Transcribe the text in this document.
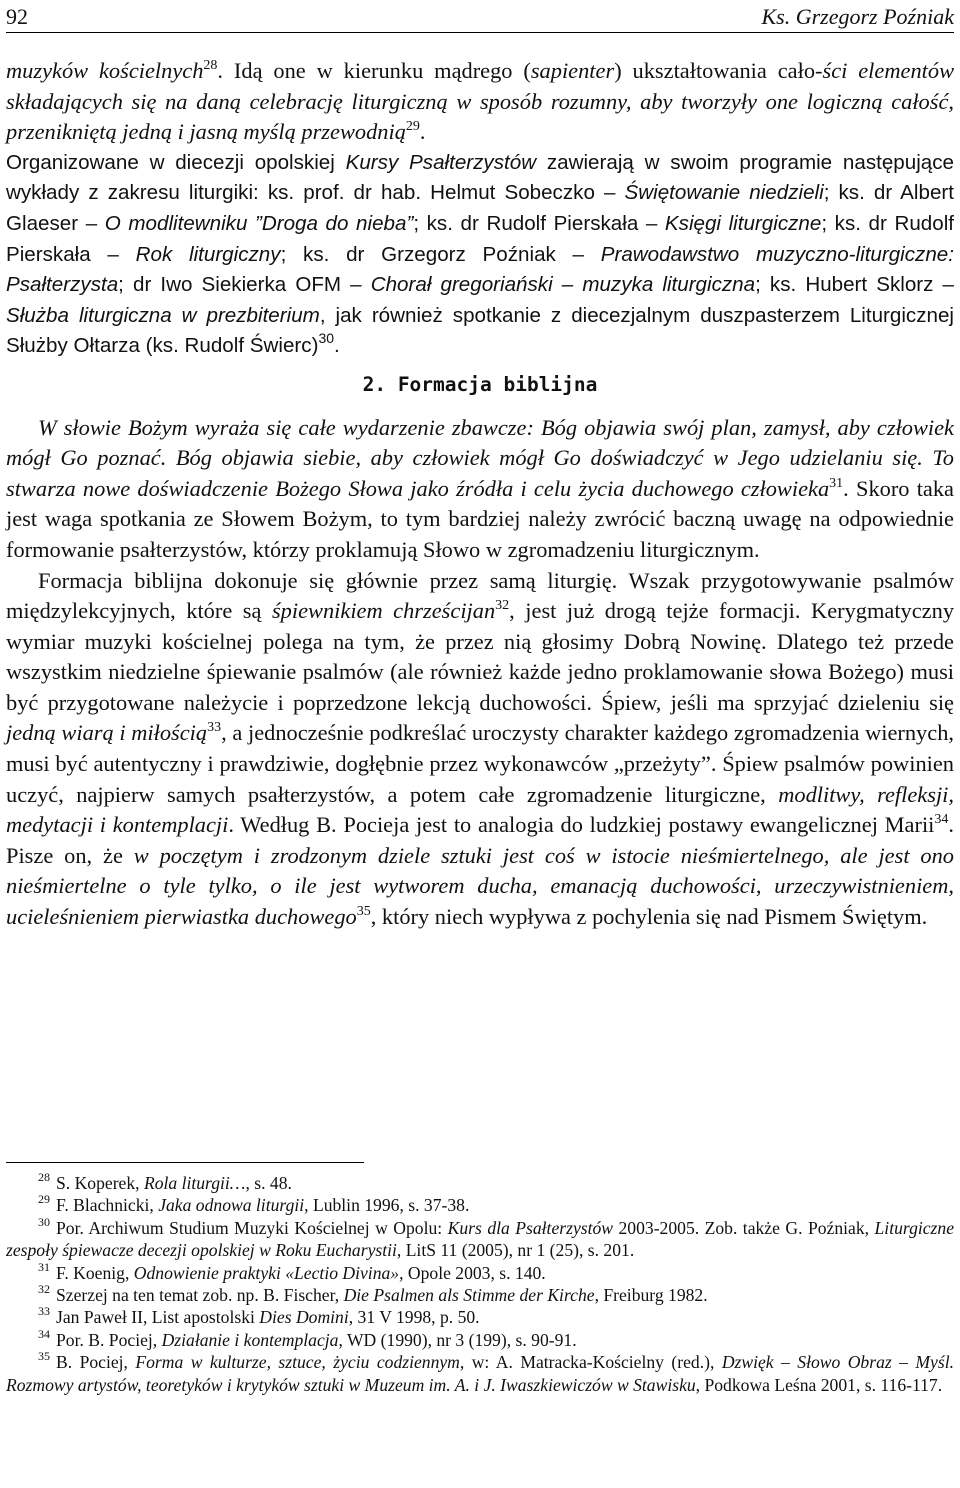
92	Ks. Grzegorz Poźniak

muzyków kościelnych$^{28}$. Idą one w kierunku mądrego (sapienter) ukształtowania cało-ści elementów składających się na daną celebrację liturgiczną w sposób rozumny, aby tworzyły one logiczną całość, przenikniętą jedną i jasną myślą przewodnią$^{29}$.

Organizowane w diecezji opolskiej Kursy Psałterzystów zawierają w swoim programie następujące wykłady z zakresu liturgiki: ks. prof. dr hab. Helmut Sobeczko – Świętowanie niedzieli; ks. dr Albert Glaeser – O modlitewniku ”Droga do nieba”; ks. dr Rudolf Pierskała – Księgi liturgiczne; ks. dr Rudolf Pierskała – Rok liturgiczny; ks. dr Grzegorz Poźniak – Prawodawstwo muzyczno-liturgiczne: Psałterzysta; dr Iwo Siekierka OFM – Chorał gregoriański – muzyka liturgiczna; ks. Hubert Sklorz – Służba liturgiczna w prezbiterium, jak również spotkanie z diecezjalnym duszpasterzem Liturgicznej Służby Ołtarza (ks. Rudolf Świerc)$^{30}$.

2. Formacja biblijna

W słowie Bożym wyraża się całe wydarzenie zbawcze: Bóg objawia swój plan, zamysł, aby człowiek mógł Go poznać. Bóg objawia siebie, aby człowiek mógł Go doświadczyć w Jego udzielaniu się. To stwarza nowe doświadczenie Bożego Słowa jako źródła i celu życia duchowego człowieka$^{31}$. Skoro taka jest waga spotkania ze Słowem Bożym, to tym bardziej należy zwrócić baczną uwagę na odpowiednie formowanie psałterzystów, którzy proklamują Słowo w zgromadzeniu liturgicznym.

Formacja biblijna dokonuje się głównie przez samą liturgię. Wszak przygotowywanie psalmów międzylekcyjnych, które są śpiewnikiem chrześcijan$^{32}$, jest już drogą tejże formacji. Kerygmatyczny wymiar muzyki kościelnej polega na tym, że przez nią głosimy Dobrą Nowinę. Dlatego też przede wszystkim niedzielne śpiewanie psalmów (ale również każde jedno proklamowanie słowa Bożego) musi być przygotowane należycie i poprzedzone lekcją duchowości. Śpiew, jeśli ma sprzyjać dzieleniu się jedną wiarą i miłością$^{33}$, a jednocześnie podkreślać uroczysty charakter każdego zgromadzenia wiernych, musi być autentyczny i prawdziwie, dogłębnie przez wykonawców „przeżyty”. Śpiew psalmów powinien uczyć, najpierw samych psałterzystów, a potem całe zgromadzenie liturgiczne, modlitwy, refleksji, medytacji i kontemplacji. Według B. Pocieja jest to analogia do ludzkiej postawy ewangelicznej Marii$^{34}$. Pisze on, że w poczętym i zrodzonym dziele sztuki jest coś w istocie nieśmiertelnego, ale jest ono nieśmiertelne o tyle tylko, o ile jest wytworem ducha, emanacją duchowości, urzeczywistnieniem, ucieleśnieniem pierwiastka duchowego$^{35}$, który niech wypływa z pochylenia się nad Pismem Świętym.

$^{28}$ S. Koperek, Rola liturgii…, s. 48.

$^{29}$ F. Blachnicki, Jaka odnowa liturgii, Lublin 1996, s. 37-38.

$^{30}$ Por. Archiwum Studium Muzyki Kościelnej w Opolu: Kurs dla Psałterzystów 2003-2005. Zob. także G. Poźniak, Liturgiczne zespoły śpiewacze decezji opolskiej w Roku Eucharystii, LitS 11 (2005), nr 1 (25), s. 201.

$^{31}$ F. Koenig, Odnowienie praktyki «Lectio Divina», Opole 2003, s. 140.

$^{32}$ Szerzej na ten temat zob. np. B. Fischer, Die Psalmen als Stimme der Kirche, Freiburg 1982.

$^{33}$ Jan Paweł II, List apostolski Dies Domini, 31 V 1998, p. 50.

$^{34}$ Por. B. Pociej, Działanie i kontemplacja, WD (1990), nr 3 (199), s. 90-91.

$^{35}$ B. Pociej, Forma w kulturze, sztuce, życiu codziennym, w: A. Matracka-Kościelny (red.), Dzwięk – Słowo Obraz – Myśl. Rozmowy artystów, teoretyków i krytyków sztuki w Muzeum im. A. i J. Iwaszkiewiczów w Stawisku, Podkowa Leśna 2001, s. 116-117.
